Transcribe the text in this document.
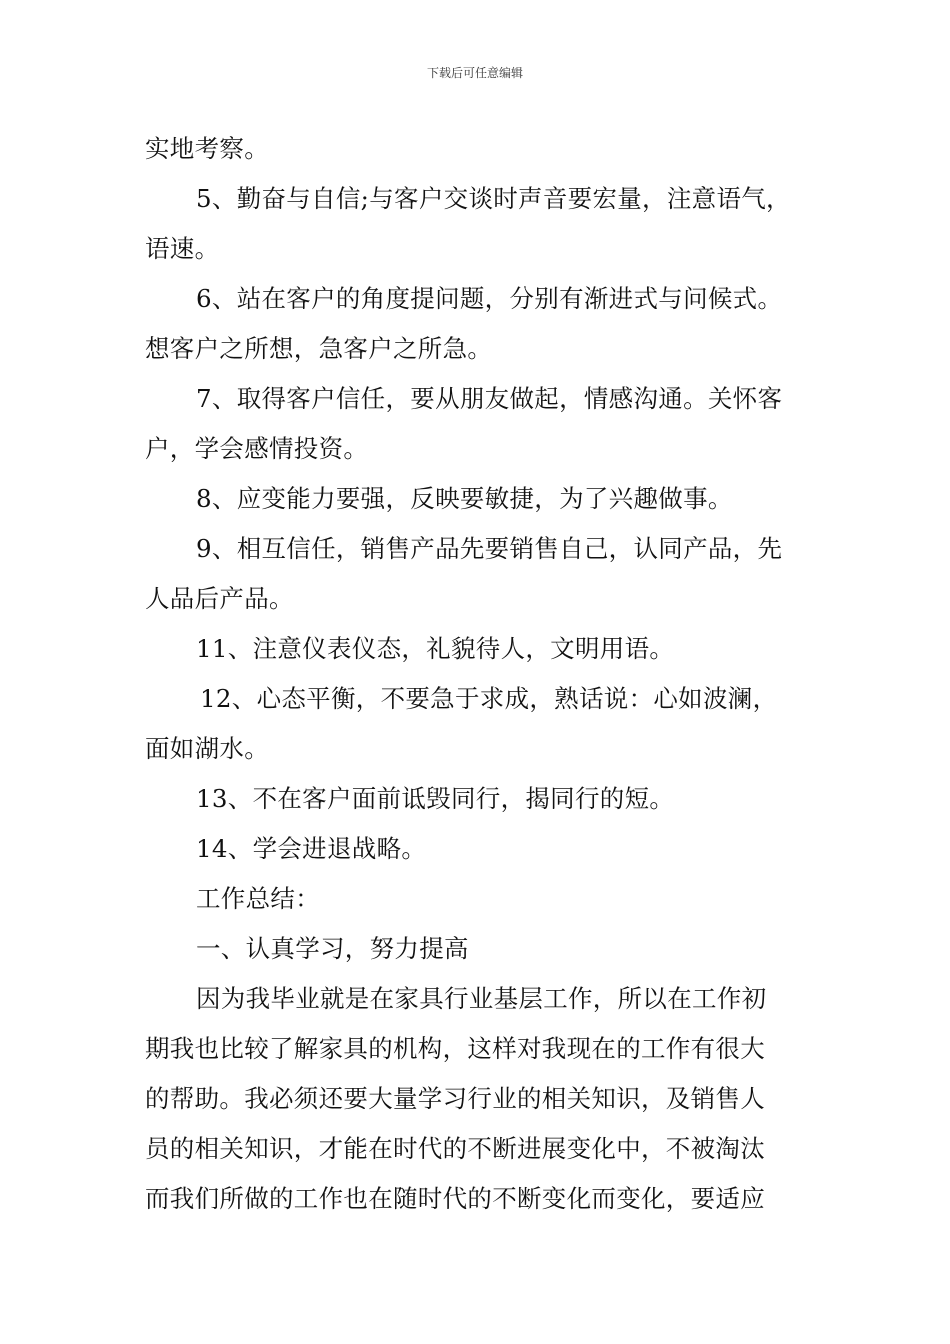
下载后可任意编辑
实地考察。
5、勤奋与自信;与客户交谈时声音要宏量，注意语气，
语速。
6、站在客户的角度提问题，分别有渐进式与问候式。
想客户之所想，急客户之所急。
7、取得客户信任，要从朋友做起，情感沟通。关怀客
户，学会感情投资。
8、应变能力要强，反映要敏捷，为了兴趣做事。
9、相互信任，销售产品先要销售自己，认同产品，先
人品后产品。
11、注意仪表仪态，礼貌待人，文明用语。
12、心态平衡，不要急于求成，熟话说：心如波澜，
面如湖水。
13、不在客户面前诋毁同行，揭同行的短。
14、学会进退战略。
工作总结：
一、认真学习，努力提高
因为我毕业就是在家具行业基层工作，所以在工作初
期我也比较了解家具的机构，这样对我现在的工作有很大
的帮助。我必须还要大量学习行业的相关知识，及销售人
员的相关知识，才能在时代的不断进展变化中，不被淘汰
而我们所做的工作也在随时代的不断变化而变化，要适应
